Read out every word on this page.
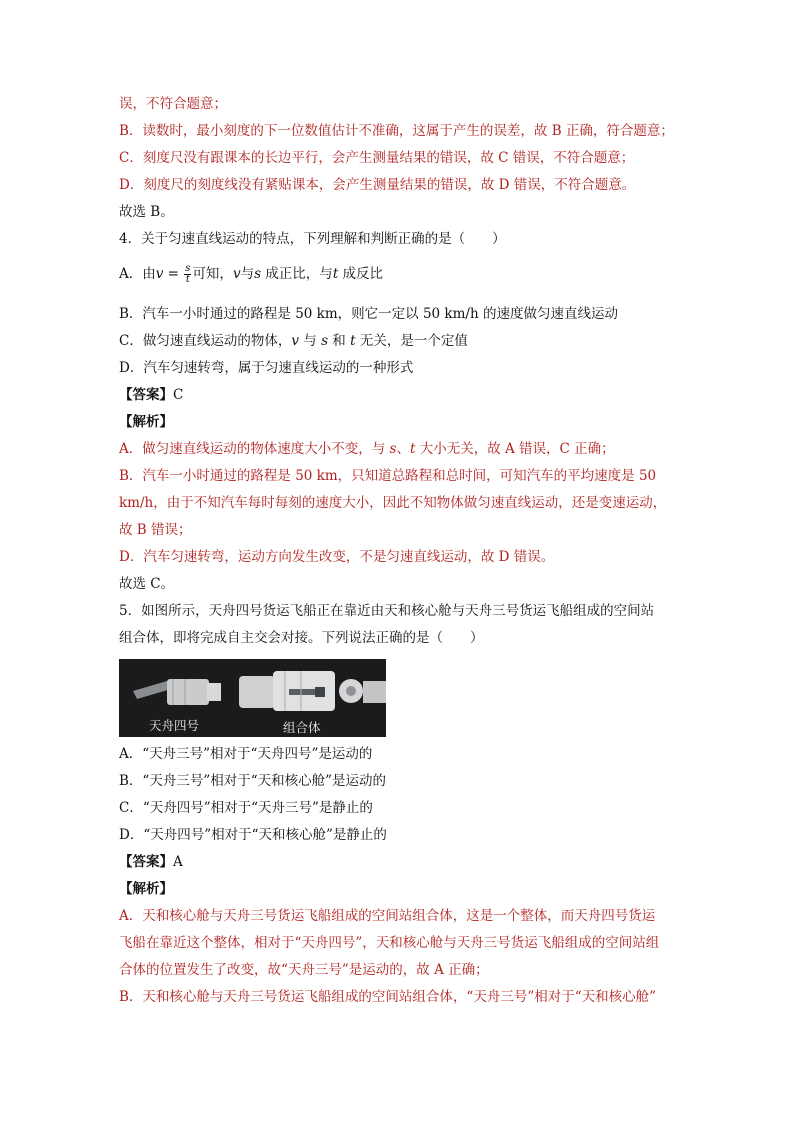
误，不符合题意；
B．读数时，最小刻度的下一位数值估计不准确，这属于产生的误差，故 B 正确，符合题意；
C．刻度尺没有跟课本的长边平行，会产生测量结果的错误，故 C 错误，不符合题意；
D．刻度尺的刻度线没有紧贴课本，会产生测量结果的错误，故 D 错误，不符合题意。
故选 B。
4．关于匀速直线运动的特点，下列理解和判断正确的是（　　）
A．由$v = \frac{s}{t}$ 可知，v与s 成正比，与t 成反比
B．汽车一小时通过的路程是 50 km，则它一定以 50 km/h 的速度做匀速直线运动
C．做匀速直线运动的物体，v 与 s 和 t 无关，是一个定值
D．汽车匀速转弯，属于匀速直线运动的一种形式
【答案】C
【解析】
A．做匀速直线运动的物体速度大小不变，与 s、t 大小无关，故 A 错误，C 正确；
B．汽车一小时通过的路程是 50 km，只知道总路程和总时间，可知汽车的平均速度是 50
km/h，由于不知汽车每时每刻的速度大小，因此不知物体做匀速直线运动，还是变速运动，
故 B 错误；
D．汽车匀速转弯，运动方向发生改变，不是匀速直线运动，故 D 错误。
故选 C。
5．如图所示，天舟四号货运飞船正在靠近由天和核心舱与天舟三号货运飞船组成的空间站
组合体，即将完成自主交会对接。下列说法正确的是（　　）
天舟四号	组合体
A．“天舟三号”相对于“天舟四号”是运动的
B．“天舟三号”相对于“天和核心舱”是运动的
C．“天舟四号”相对于“天舟三号”是静止的
D．“天舟四号”相对于“天和核心舱”是静止的
【答案】A
【解析】
A．天和核心舱与天舟三号货运飞船组成的空间站组合体，这是一个整体，而天舟四号货运
飞船在靠近这个整体，相对于“天舟四号”，天和核心舱与天舟三号货运飞船组成的空间站组
合体的位置发生了改变，故“天舟三号”是运动的，故 A 正确；
B．天和核心舱与天舟三号货运飞船组成的空间站组合体，“天舟三号”相对于“天和核心舱”
